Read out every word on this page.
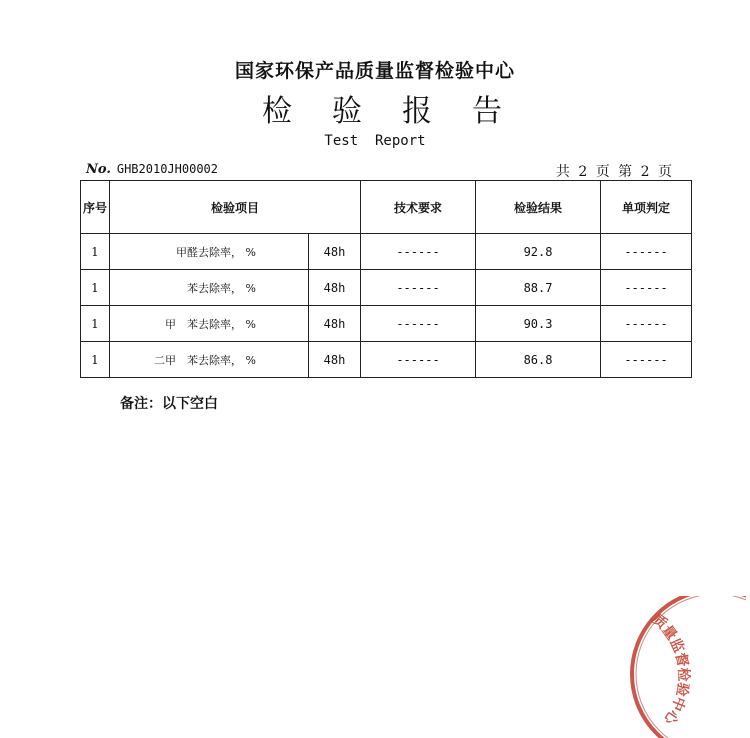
国家环保产品质量监督检验中心
检 验 报 告
Test  Report
No. GHB2010JH00002	共 2 页 第 2 页
序号	检验项目		技术要求	检验结果	单项判定
1	甲醛去除率， %	48h	------	92.8	------
1	苯去除率， %	48h	------	88.7	------
1	甲　苯去除率， %	48h	------	90.3	------
1	二甲　苯去除率， %	48h	------	86.8	------
备注：以下空白
质量监督检验中心
